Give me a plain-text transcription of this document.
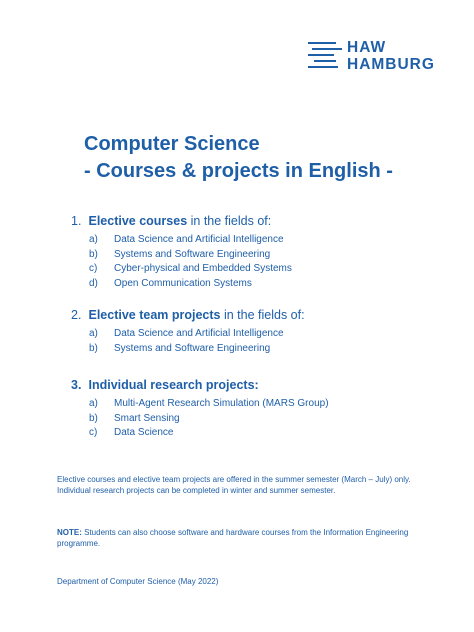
HAW
HAMBURG
Computer Science
- Courses & projects in English -
1. Elective courses in the fields of:
a) Data Science and Artificial Intelligence
b) Systems and Software Engineering
c) Cyber-physical and Embedded Systems
d) Open Communication Systems
2. Elective team projects in the fields of:
a) Data Science and Artificial Intelligence
b) Systems and Software Engineering
3. Individual research projects:
a) Multi-Agent Research Simulation (MARS Group)
b) Smart Sensing
c) Data Science
Elective courses and elective team projects are offered in the summer semester (March – July) only.
Individual research projects can be completed in winter and summer semester.
NOTE: Students can also choose software and hardware courses from the Information Engineering
programme.
Department of Computer Science (May 2022)
